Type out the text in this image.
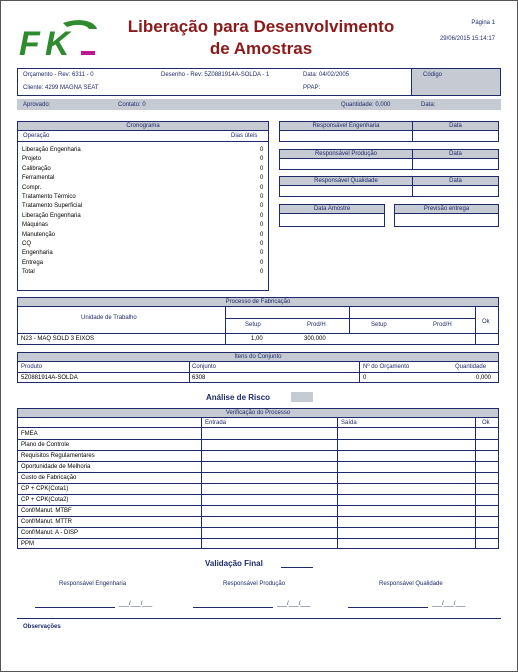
F K	Liberação para Desenvolvimento
de Amostras
Página 1
29/06/2015 15:14:17
Código
Orçamento - Rev: 6311 - 0	Desenho - Rev: 5Z0881914A-SOLDA - 1	Data: 04/02/2005
Cliente: 4299 MAGNA SEAT	PPAP:
Aprovado:	Contato: 0	Quantidade: 0,000	Data:
Cronograma
Operação	Dias úteis
Liberação Engenharia	0
Projeto	0
Calibração	0
Ferramental	0
Compr.	0
Tratamento Térmico	0
Tratamento Superficial	0
Liberação Engenharia	0
Máquinas	0
Manutenção	0
CQ	0
Engenharia	0
Entrega	0
Total	0
Responsável Engenharia	Data
Responsável Produção	Data
Responsável Qualidade	Data
Data Amostre	Previsão entrega
Processo de Fabricação
Unidade de Trabalho
Setup	Prod/H	Setup	Prod/H	Ok
N23 - MAQ SOLD 3 EIXOS	1,00	300,000
Itens do Conjunto
Produto	Conjunto	Nº do Orçamento	Quantidade
5Z0881914A-SOLDA	6308	0	0,000
Análise de Risco
Verificação do Processo
Entrada	Saída	Ok
FMEA
Plano de Controle
Requisitos Regulamentares
Oportunidade de Melhoria
Custo de Fabricação
CP + CPK(Cota1)
CP + CPK(Cota2)
Conf/Manut. MTBF
Conf/Manut. MTTR
Conf/Manut. A - DISP
PPM
Validação Final
Responsável Engenharia	Responsável Produção	Responsável Qualidade
___/___/___	___/___/___	___/___/___
Observações
